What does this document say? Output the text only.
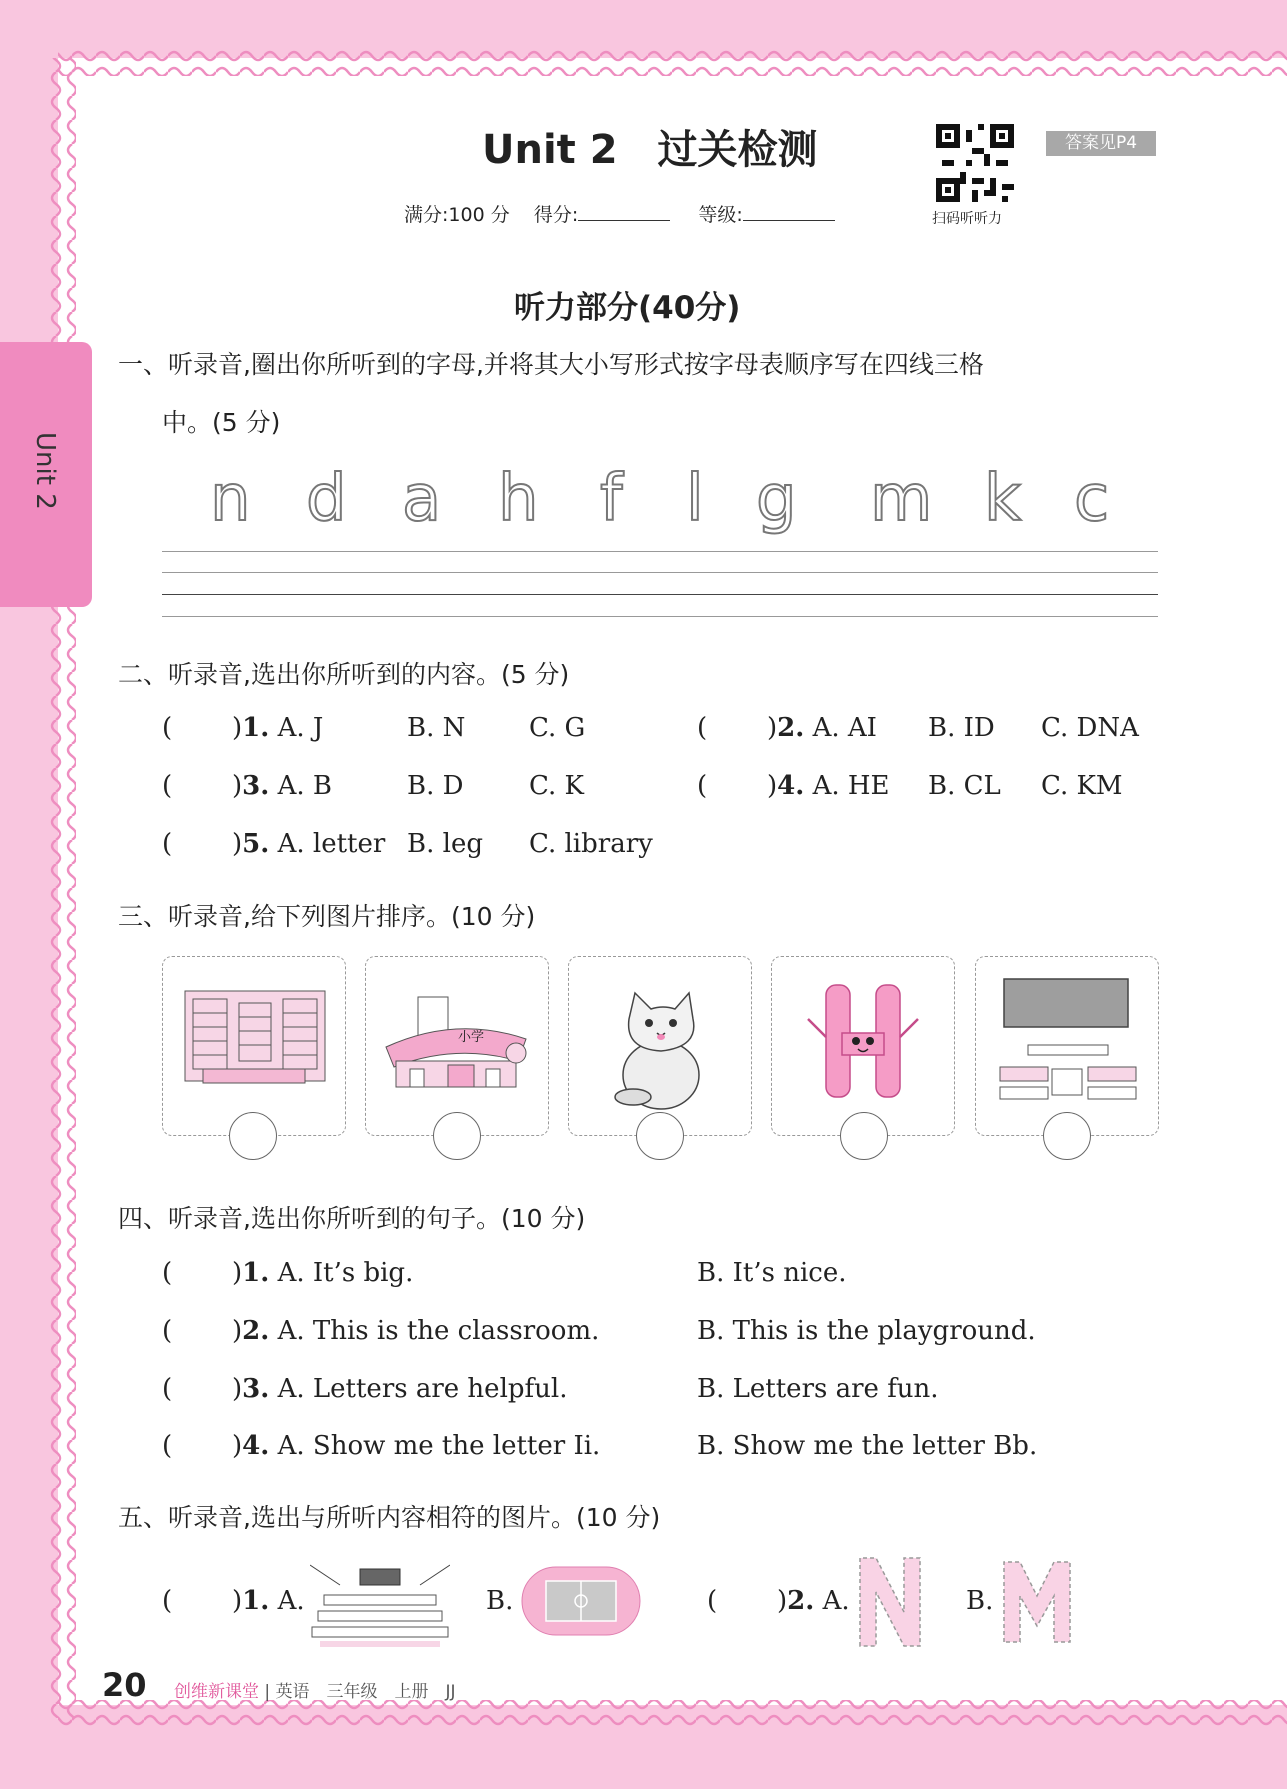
Unit 2
Unit 2　过关检测
满分:100 分 得分:	等级:	扫码听听力
答案见P4
听力部分(40分)
一、听录音,圈出你所听到的字母,并将其大小写形式按字母表顺序写在四线三格
中。(5 分)
n d a h f l g m k c
二、听录音,选出你所听到的内容。(5 分)
( )1. A. J	B. N C. G	( )2. A. AI B. ID C. DNA
( )3. A. B	B. D	C. K	( )4. A. HE B. CL C. KM
( )5. A. letter B. leg C. library
三、听录音,给下列图片排序。(10 分)
小学
四、听录音,选出你所听到的句子。(10 分)
( )1. A. It’s big.	B. It’s nice.
( )2. A. This is the classroom.	B. This is the playground.
( )3. A. Letters are helpful.	B. Letters are fun.
( )4. A. Show me the letter Ii.	B. Show me the letter Bb.
五、听录音,选出与所听内容相符的图片。(10 分)
( )1. A.	B.	( )2. A.	B.
20 创维新课堂 | 英语　三年级　上册　JJ
